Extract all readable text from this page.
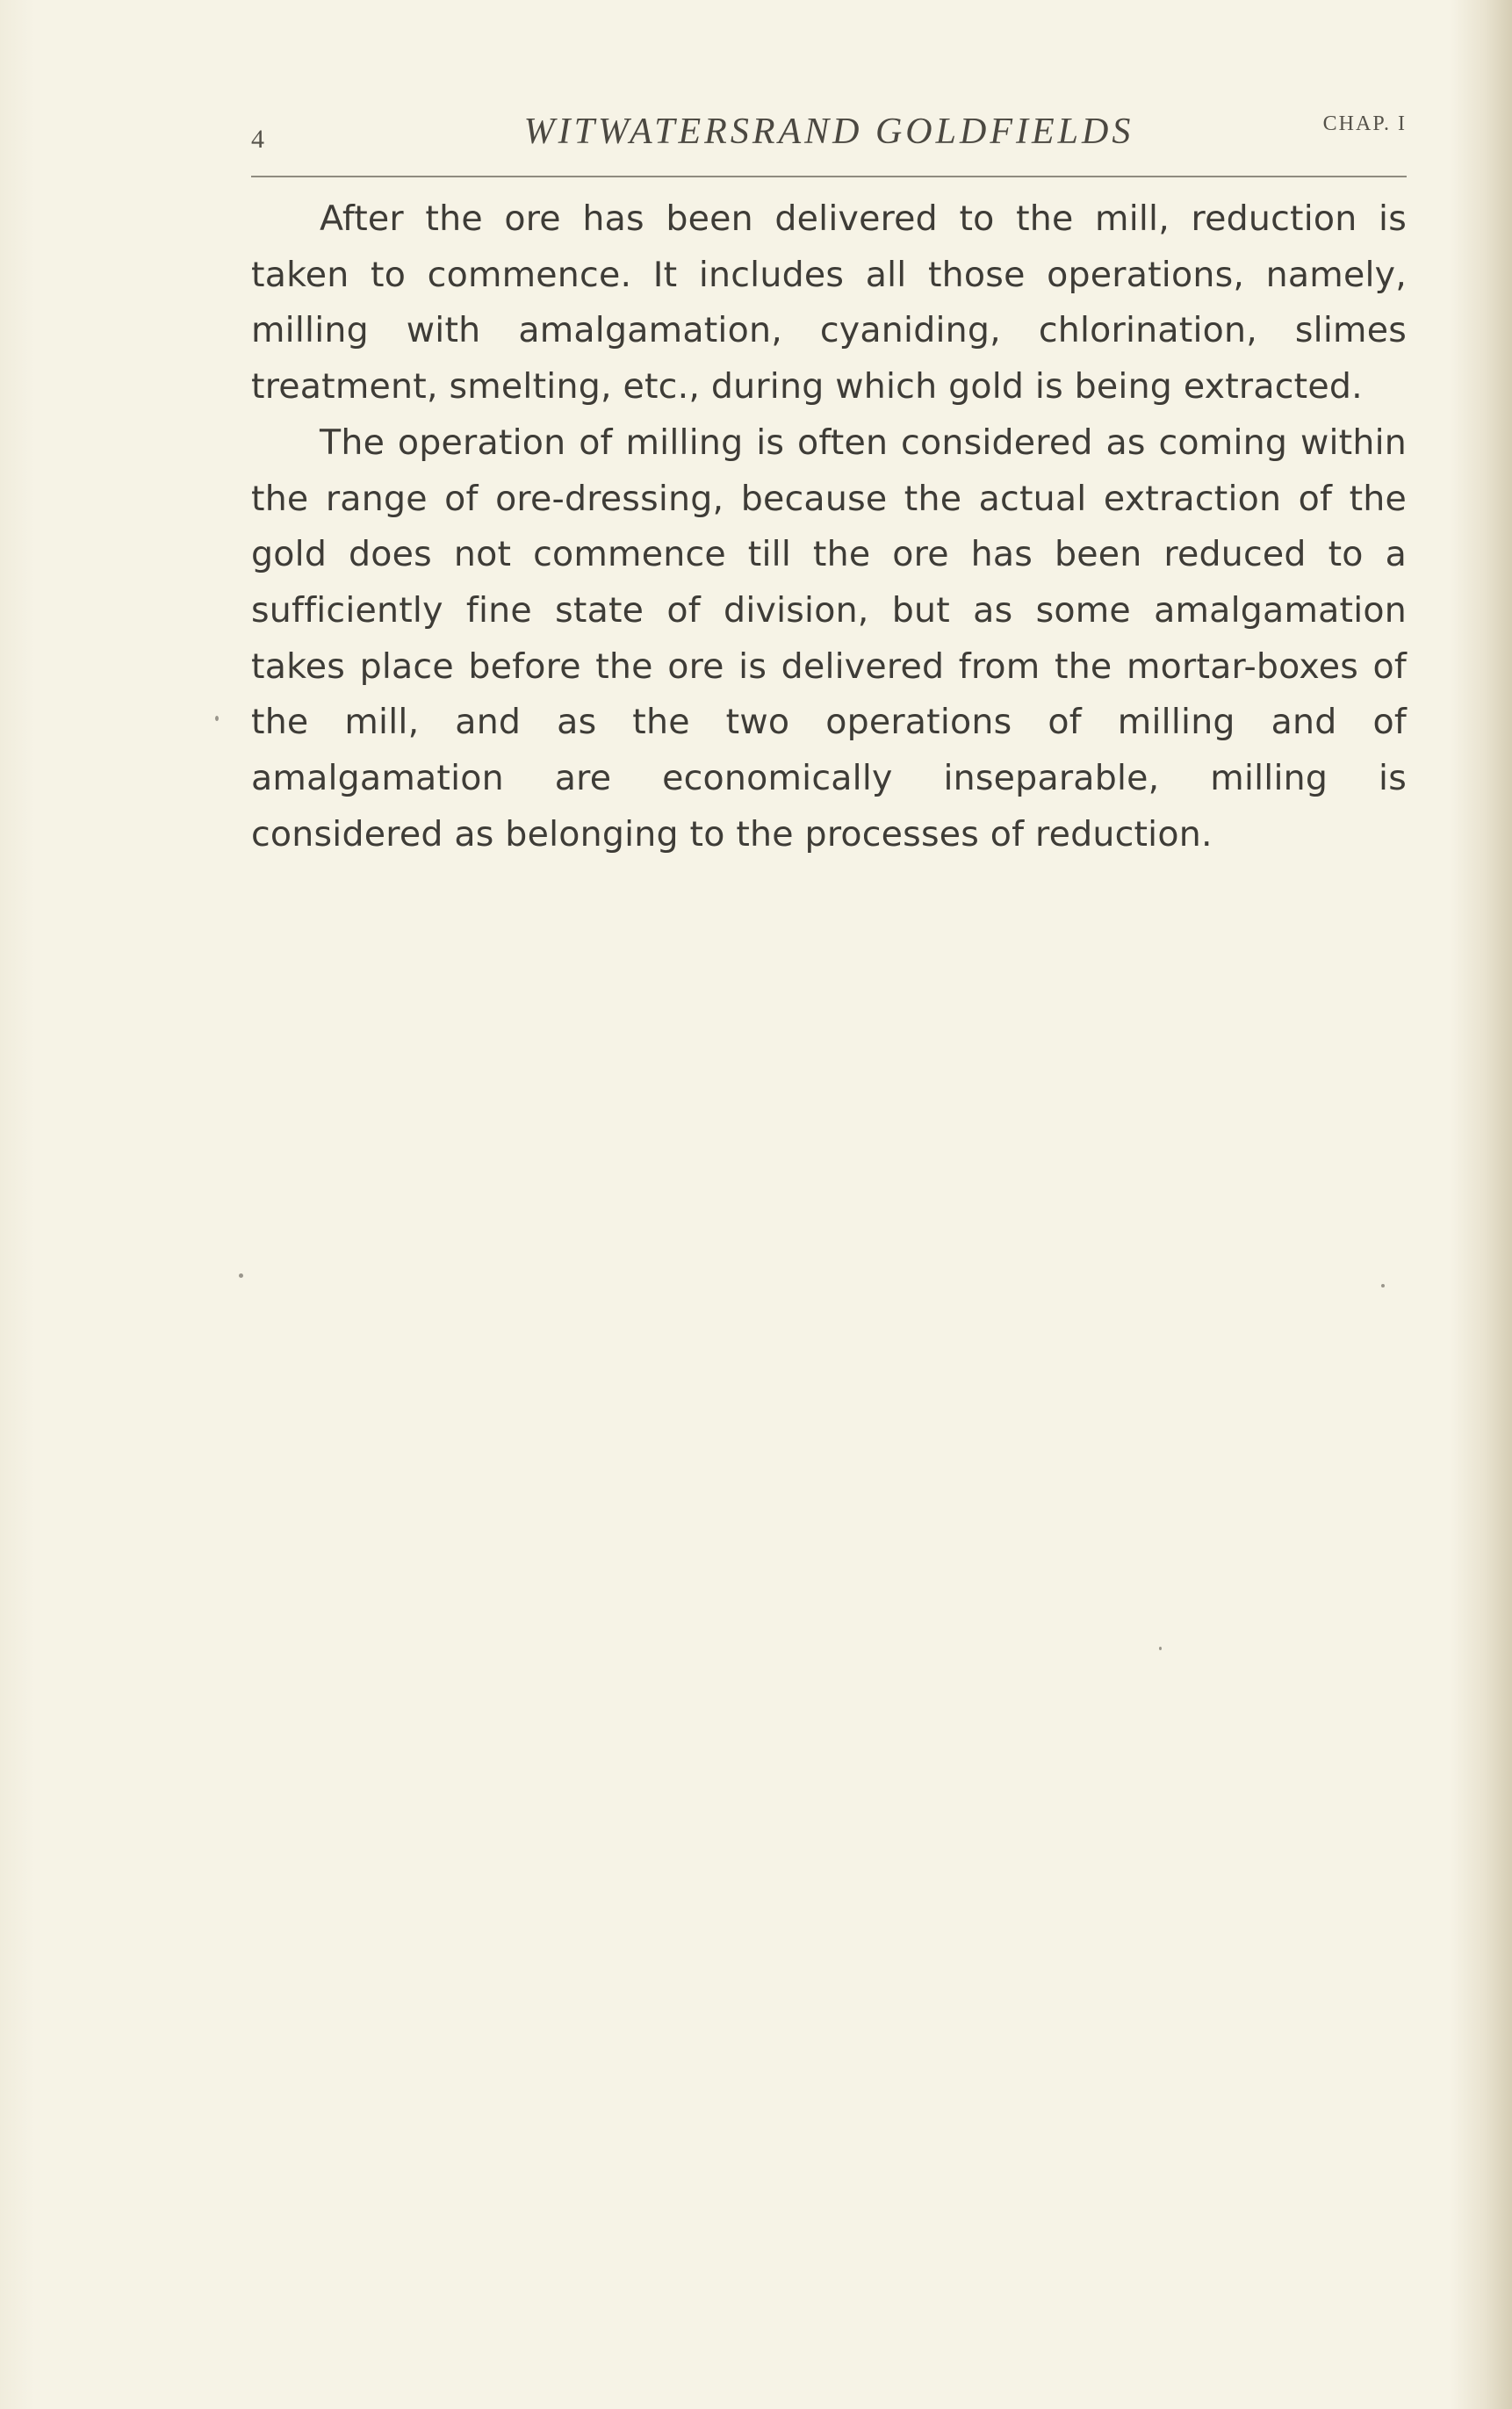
4	WITWATERSRAND GOLDFIELDS	CHAP. I

After the ore has been delivered to the mill, reduction is taken to commence. It includes all those operations, namely, milling with amalgamation, cyaniding, chlorination, slimes treatment, smelting, etc., during which gold is being extracted.

The operation of milling is often considered as coming within the range of ore-dressing, because the actual extraction of the gold does not commence till the ore has been reduced to a sufficiently fine state of division, but as some amalgamation takes place before the ore is delivered from the mortar-boxes of the mill, and as the two operations of milling and of amalgamation are economically inseparable, milling is considered as belonging to the processes of reduction.
